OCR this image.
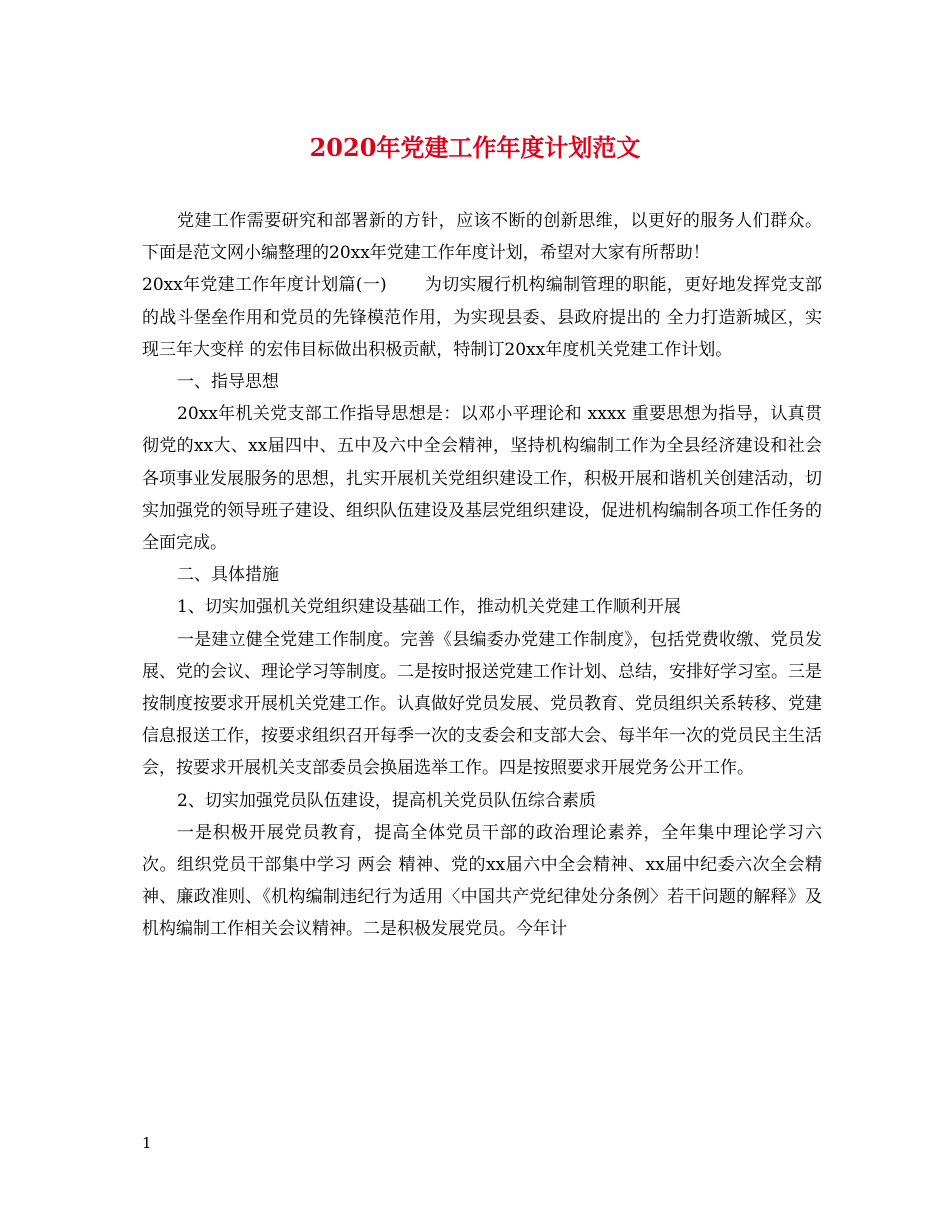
2020年党建工作年度计划范文

党建工作需要研究和部署新的方针，应该不断的创新思维，以更好的服务人们群众。下面是范文网小编整理的20xx年党建工作年度计划，希望对大家有所帮助！

20xx年党建工作年度计划篇(一) 为切实履行机构编制管理的职能，更好地发挥党支部的战斗堡垒作用和党员的先锋模范作用，为实现县委、县政府提出的 全力打造新城区，实现三年大变样 的宏伟目标做出积极贡献，特制订20xx年度机关党建工作计划。

一、指导思想

20xx年机关党支部工作指导思想是：以邓小平理论和 xxxx 重要思想为指导，认真贯彻党的xx大、xx届四中、五中及六中全会精神，坚持机构编制工作为全县经济建设和社会各项事业发展服务的思想，扎实开展机关党组织建设工作，积极开展和谐机关创建活动，切实加强党的领导班子建设、组织队伍建设及基层党组织建设，促进机构编制各项工作任务的全面完成。

二、具体措施

1、切实加强机关党组织建设基础工作，推动机关党建工作顺利开展

一是建立健全党建工作制度。完善《县编委办党建工作制度》，包括党费收缴、党员发展、党的会议、理论学习等制度。二是按时报送党建工作计划、总结，安排好学习室。三是按制度按要求开展机关党建工作。认真做好党员发展、党员教育、党员组织关系转移、党建信息报送工作，按要求组织召开每季一次的支委会和支部大会、每半年一次的党员民主生活会，按要求开展机关支部委员会换届选举工作。四是按照要求开展党务公开工作。

2、切实加强党员队伍建设，提高机关党员队伍综合素质

一是积极开展党员教育，提高全体党员干部的政治理论素养，全年集中理论学习六次。组织党员干部集中学习 两会 精神、党的xx届六中全会精神、xx届中纪委六次全会精神、廉政准则、《机构编制违纪行为适用〈中国共产党纪律处分条例〉若干问题的解释》及机构编制工作相关会议精神。二是积极发展党员。今年计

1
